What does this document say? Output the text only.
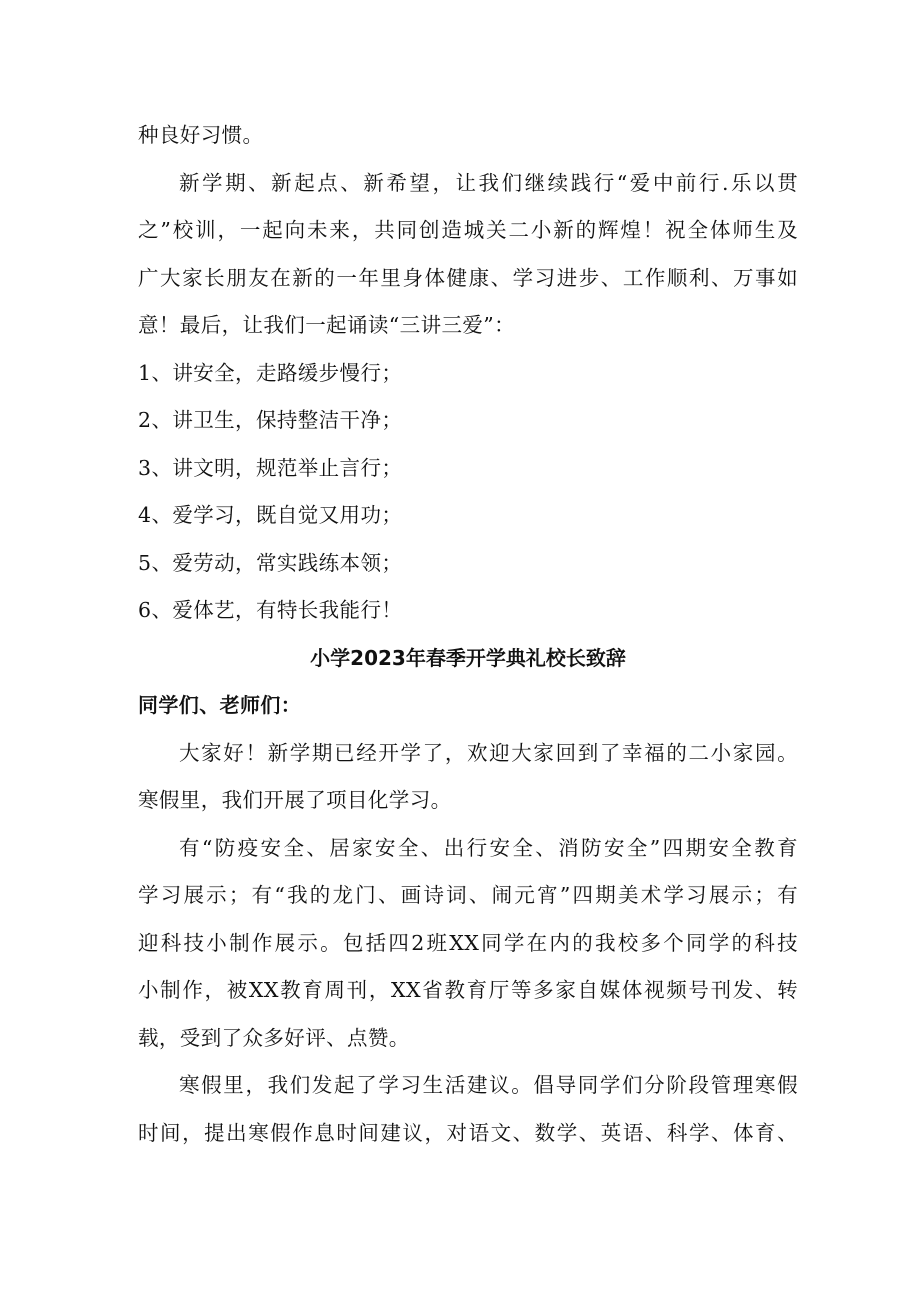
种良好习惯。
新学期、新起点、新希望，让我们继续践行“爱中前行.乐以贯
之”校训，一起向未来，共同创造城关二小新的辉煌！祝全体师生及
广大家长朋友在新的一年里身体健康、学习进步、工作顺利、万事如
意！最后，让我们一起诵读“三讲三爱”：
1、讲安全，走路缓步慢行；
2、讲卫生，保持整洁干净；
3、讲文明，规范举止言行；
4、爱学习，既自觉又用功；
5、爱劳动，常实践练本领；
6、爱体艺，有特长我能行！
小学2023年春季开学典礼校长致辞
同学们、老师们：
大家好！新学期已经开学了，欢迎大家回到了幸福的二小家园。
寒假里，我们开展了项目化学习。
有“防疫安全、居家安全、出行安全、消防安全”四期安全教育
学习展示；有“我的龙门、画诗词、闹元宵”四期美术学习展示；有
迎科技小制作展示。包括四2班XX同学在内的我校多个同学的科技
小制作，被XX教育周刊，XX省教育厅等多家自媒体视频号刊发、转
载，受到了众多好评、点赞。
寒假里，我们发起了学习生活建议。倡导同学们分阶段管理寒假
时间，提出寒假作息时间建议，对语文、数学、英语、科学、体育、
